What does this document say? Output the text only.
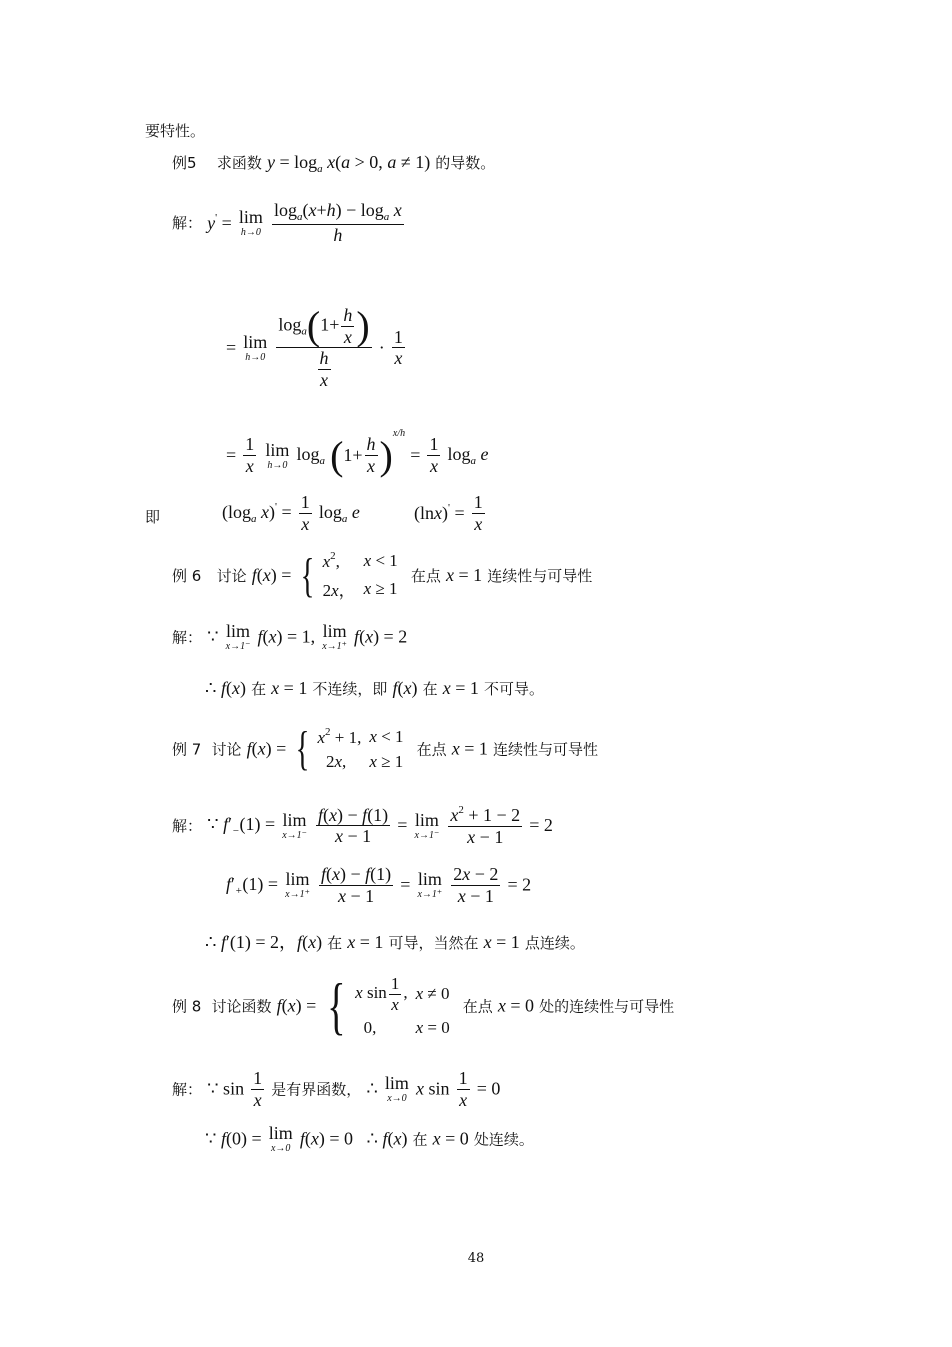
要特性。
例5 求函数 $y = \log_a x(a > 0$, a ≠ 1) 的导数。
解： y' = lim
h→0
$\frac{\log_a(x+h) - \log_a x}{h}$
= lim
h→0
$\frac{\log_a(1+ \frac{h}{x} )}{\frac{h}{x}} \cdot \frac{1}{x}$
= $\frac{1}{x}$
lim
h→0
$\log_a (1+ \frac{h}{x} )^{x/h} = \frac{1}{x} \log_a e$
即	($\log_a$ $x)' = \frac{1}{x} \log_a e$	$(\ln x)' = \frac{1}{x}$
例 6 讨论 f(x) = { $x^2$,	x < 1
2x，	x ≥ 1 在点 x = 1 连续性与可导性
解： ∵ lim
x→1⁻ f(x) = 1, lim
x→1⁺ f(x) = 2
∴ f(x) 在 x = 1 不连续，即 f(x) 在 x = 1 不可导。
例 7 讨论 f(x) = { $x^2 + 1$,	x < 1
2x,	x ≥ 1 在点 x = 1 连续性与可导性
解： ∵ $f'_-(1) = \lim$
x→1⁻
$\frac{f(x) - f(1)}{x - 1} = \lim$
x→1⁻
$\frac{x^2 + 1 - 2}{x - 1} = 2$
$f'_+(1) = \lim$
x→1⁺
$\frac{f(x) - f(1)}{x - 1} = \lim$
x→1⁺
$\frac{2x - 2}{x - 1} = 2$
∴ f′(1) = 2，f(x) 在 x = 1 可导，当然在 x = 1 点连续。
例 8 讨论函数 f(x) = { x $\sin \frac{1}{x}$ ,	x ≠ 0
0,	x = 0 在点 x = 0 处的连续性与可导性
解： ∵ $\sin \frac{1}{x}$ 是有界函数， ∴ lim
x→0 x $\sin \frac{1}{x} = 0$
∵ f(0) = lim
x→0 f(x) = 0   ∴ f(x) 在 x = 0 处连续。
48
